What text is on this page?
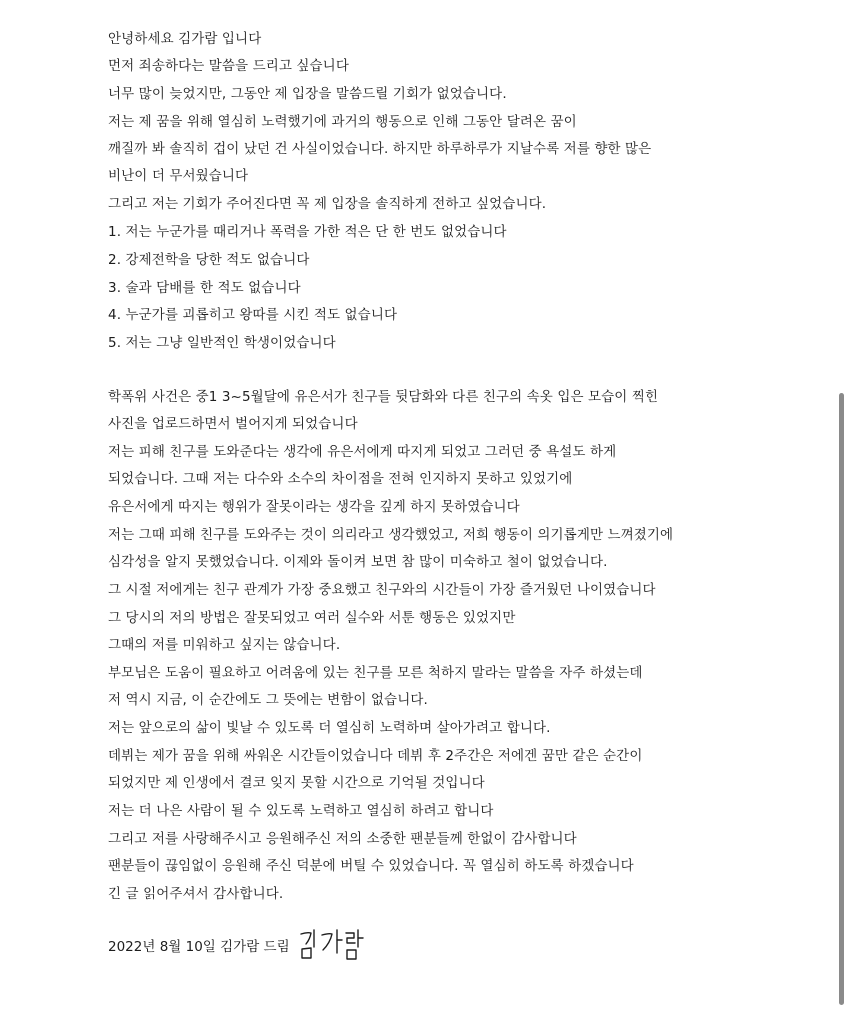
안녕하세요 김가람 입니다

먼저 죄송하다는 말씀을 드리고 싶습니다

너무 많이 늦었지만, 그동안 제 입장을 말씀드릴 기회가 없었습니다.

저는 제 꿈을 위해 열심히 노력했기에 과거의 행동으로 인해 그동안 달려온 꿈이

깨질까 봐 솔직히 겁이 났던 건 사실이었습니다. 하지만 하루하루가 지날수록 저를 향한 많은

비난이 더 무서웠습니다

그리고 저는 기회가 주어진다면 꼭 제 입장을 솔직하게 전하고 싶었습니다.

1. 저는 누군가를 때리거나 폭력을 가한 적은 단 한 번도 없었습니다

2. 강제전학을 당한 적도 없습니다

3. 술과 담배를 한 적도 없습니다

4. 누군가를 괴롭히고 왕따를 시킨 적도 없습니다

5. 저는 그냥 일반적인 학생이었습니다

학폭위 사건은 중1 3~5월달에 유은서가 친구들 뒷담화와 다른 친구의 속옷 입은 모습이 찍힌

사진을 업로드하면서 벌어지게 되었습니다

저는 피해 친구를 도와준다는 생각에 유은서에게 따지게 되었고 그러던 중 욕설도 하게

되었습니다. 그때 저는 다수와 소수의 차이점을 전혀 인지하지 못하고 있었기에

유은서에게 따지는 행위가 잘못이라는 생각을 깊게 하지 못하였습니다

저는 그때 피해 친구를 도와주는 것이 의리라고 생각했었고, 저희 행동이 의기롭게만 느껴졌기에

심각성을 알지 못했었습니다. 이제와 돌이켜 보면 참 많이 미숙하고 철이 없었습니다.

그 시절 저에게는 친구 관계가 가장 중요했고 친구와의 시간들이 가장 즐거웠던 나이였습니다

그 당시의 저의 방법은 잘못되었고 여러 실수와 서툰 행동은 있었지만

그때의 저를 미워하고 싶지는 않습니다.

부모님은 도움이 필요하고 어려움에 있는 친구를 모른 척하지 말라는 말씀을 자주 하셨는데

저 역시 지금, 이 순간에도 그 뜻에는 변함이 없습니다.

저는 앞으로의 삶이 빛날 수 있도록 더 열심히 노력하며 살아가려고 합니다.

데뷔는 제가 꿈을 위해 싸워온 시간들이었습니다 데뷔 후 2주간은 저에겐 꿈만 같은 순간이

되었지만 제 인생에서 결코 잊지 못할 시간으로 기억될 것입니다

저는 더 나은 사람이 될 수 있도록 노력하고 열심히 하려고 합니다

그리고 저를 사랑해주시고 응원해주신 저의 소중한 팬분들께 한없이 감사합니다

팬분들이 끊임없이 응원해 주신 덕분에 버틸 수 있었습니다. 꼭 열심히 하도록 하겠습니다

긴 글 읽어주셔서 감사합니다.

2022년 8월 10일 김가람 드림
